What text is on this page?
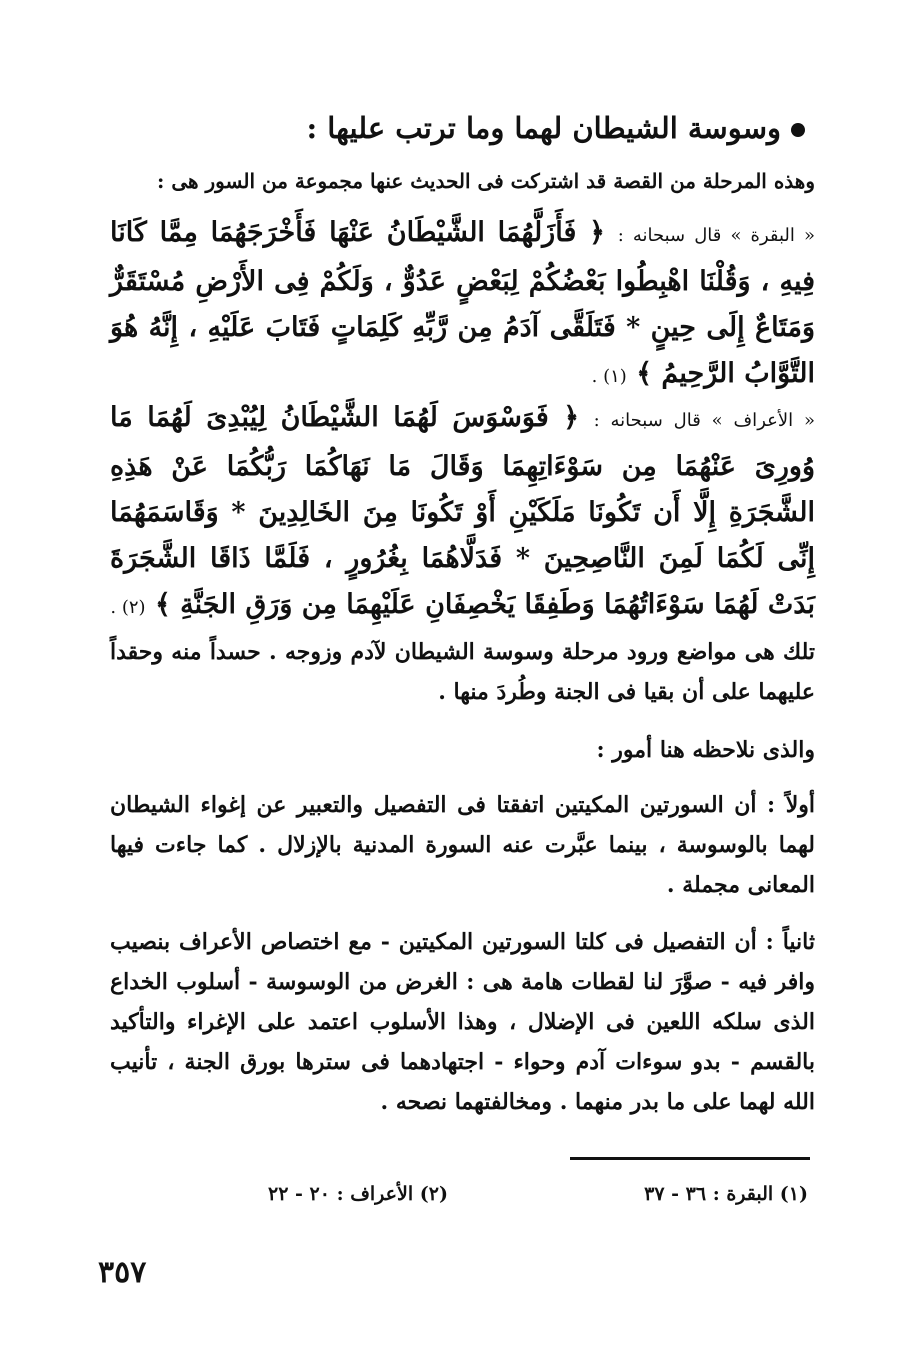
وسوسة الشيطان لهما وما ترتب عليها :
وهذه المرحلة من القصة قد اشتركت فى الحديث عنها مجموعة من السور هى :
« البقرة » قال سبحانه : ﴿ فَأَزَلَّهُمَا الشَّيْطَانُ عَنْهَا فَأَخْرَجَهُمَا مِمَّا كَانَا فِيهِ ، وَقُلْنَا اهْبِطُوا بَعْضُكُمْ لِبَعْضٍ عَدُوٌّ ، وَلَكُمْ فِى الأَرْضِ مُسْتَقَرٌّ وَمَتَاعٌ إِلَى حِينٍ * فَتَلَقَّى آدَمُ مِن رَّبِّهِ كَلِمَاتٍ فَتَابَ عَلَيْهِ ، إِنَّهُ هُوَ التَّوَّابُ الرَّحِيمُ ﴾ (١) .
« الأعراف » قال سبحانه : ﴿ فَوَسْوَسَ لَهُمَا الشَّيْطَانُ لِيُبْدِىَ لَهُمَا مَا وُورِىَ عَنْهُمَا مِن سَوْءَاتِهِمَا وَقَالَ مَا نَهَاكُمَا رَبُّكُمَا عَنْ هَذِهِ الشَّجَرَةِ إِلَّا أَن تَكُونَا مَلَكَيْنِ أَوْ تَكُونَا مِنَ الخَالِدِينَ * وَقَاسَمَهُمَا إِنِّى لَكُمَا لَمِنَ النَّاصِحِينَ * فَدَلَّاهُمَا بِغُرُورٍ ، فَلَمَّا ذَاقَا الشَّجَرَةَ بَدَتْ لَهُمَا سَوْءَاتُهُمَا وَطَفِقَا يَخْصِفَانِ عَلَيْهِمَا مِن وَرَقِ الجَنَّةِ ﴾ (٢) .
تلك هى مواضع ورود مرحلة وسوسة الشيطان لآدم وزوجه . حسداً منه وحقداً عليهما على أن بقيا فى الجنة وطُردَ منها .
والذى نلاحظه هنا أمور :
أولاً : أن السورتين المكيتين اتفقتا فى التفصيل والتعبير عن إغواء الشيطان لهما بالوسوسة ، بينما عبَّرت عنه السورة المدنية بالإزلال . كما جاءت فيها المعانى مجملة .
ثانياً : أن التفصيل فى كلتا السورتين المكيتين - مع اختصاص الأعراف بنصيب وافر فيه - صوَّرَ لنا لقطات هامة هى : الغرض من الوسوسة - أسلوب الخداع الذى سلكه اللعين فى الإضلال ، وهذا الأسلوب اعتمد على الإغراء والتأكيد بالقسم - بدو سوءات آدم وحواء - اجتهادهما فى سترها بورق الجنة ، تأنيب الله لهما على ما بدر منهما . ومخالفتهما نصحه .
(١) البقرة : ٣٦ - ٣٧
(٢) الأعراف : ٢٠ - ٢٢
٣٥٧
